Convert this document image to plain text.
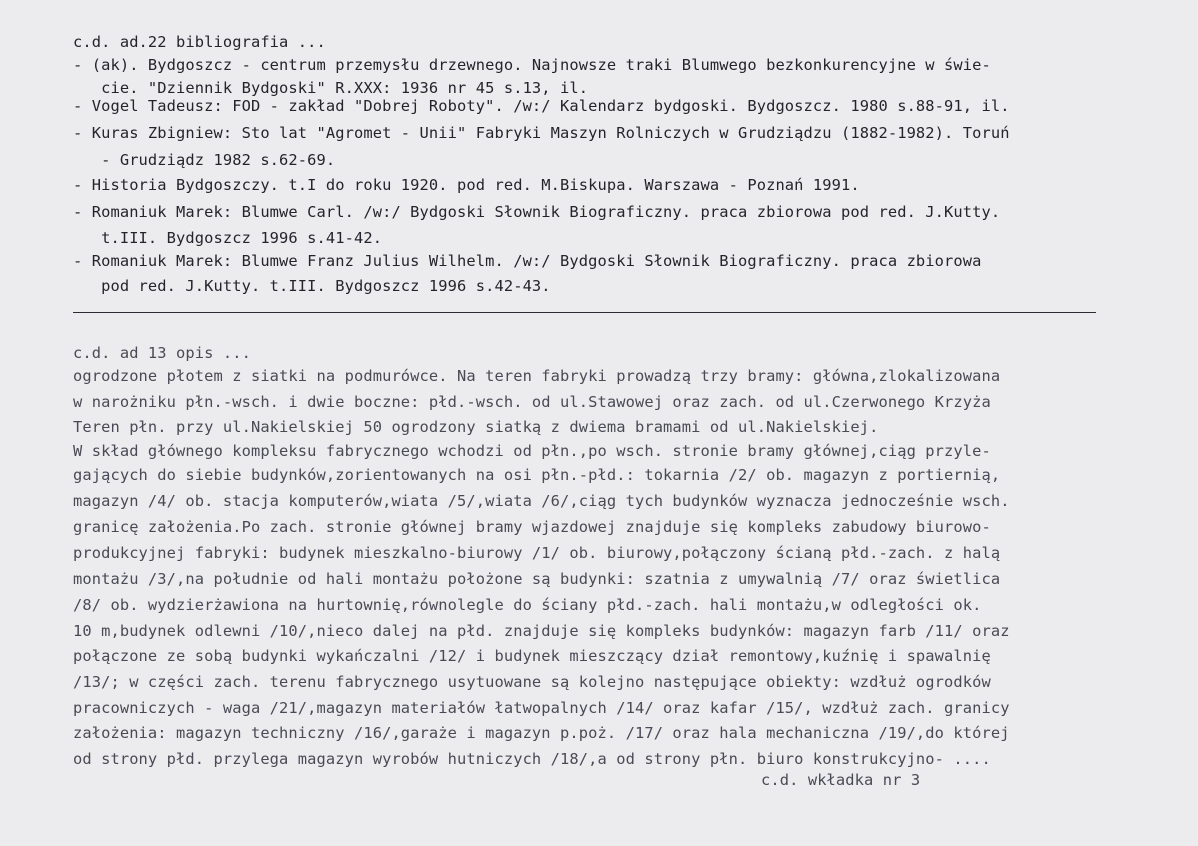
c.d. ad.22 bibliografia ...
- (ak). Bydgoszcz - centrum przemysłu drzewnego. Najnowsze traki Blumwego bezkonkurencyjne w świe-
cie. "Dziennik Bydgoski" R.XXX: 1936 nr 45 s.13, il.
- Vogel Tadeusz: FOD - zakład "Dobrej Roboty". /w:/ Kalendarz bydgoski. Bydgoszcz. 1980 s.88-91, il.
- Kuras Zbigniew: Sto lat "Agromet - Unii" Fabryki Maszyn Rolniczych w Grudziądzu (1882-1982). Toruń
- Grudziądz 1982 s.62-69.
- Historia Bydgoszczy. t.I do roku 1920. pod red. M.Biskupa. Warszawa - Poznań 1991.
- Romaniuk Marek: Blumwe Carl. /w:/ Bydgoski Słownik Biograficzny. praca zbiorowa pod red. J.Kutty.
t.III. Bydgoszcz 1996 s.41-42.
- Romaniuk Marek: Blumwe Franz Julius Wilhelm. /w:/ Bydgoski Słownik Biograficzny. praca zbiorowa
pod red. J.Kutty. t.III. Bydgoszcz 1996 s.42-43.
c.d. ad 13 opis ...
ogrodzone płotem z siatki na podmurówce. Na teren fabryki prowadzą trzy bramy: główna,zlokalizowana
w narożniku płn.-wsch. i dwie boczne: płd.-wsch. od ul.Stawowej oraz zach. od ul.Czerwonego Krzyża
Teren płn. przy ul.Nakielskiej 50 ogrodzony siatką z dwiema bramami od ul.Nakielskiej.
W skład głównego kompleksu fabrycznego wchodzi od płn.,po wsch. stronie bramy głównej,ciąg przyle-
gających do siebie budynków,zorientowanych na osi płn.-płd.: tokarnia /2/ ob. magazyn z portiernią,
magazyn /4/ ob. stacja komputerów,wiata /5/,wiata /6/,ciąg tych budynków wyznacza jednocześnie wsch.
granicę założenia.Po zach. stronie głównej bramy wjazdowej znajduje się kompleks zabudowy biurowo-
produkcyjnej fabryki: budynek mieszkalno-biurowy /1/ ob. biurowy,połączony ścianą płd.-zach. z halą
montażu /3/,na południe od hali montażu położone są budynki: szatnia z umywalnią /7/ oraz świetlica
/8/ ob. wydzierżawiona na hurtownię,równolegle do ściany płd.-zach. hali montażu,w odległości ok.
10 m,budynek odlewni /10/,nieco dalej na płd. znajduje się kompleks budynków: magazyn farb /11/ oraz
połączone ze sobą budynki wykańczalni /12/ i budynek mieszczący dział remontowy,kuźnię i spawalnię
/13/; w części zach. terenu fabrycznego usytuowane są kolejno następujące obiekty: wzdłuż ogrodków
pracowniczych - waga /21/,magazyn materiałów łatwopalnych /14/ oraz kafar /15/, wzdłuż zach. granicy
założenia: magazyn techniczny /16/,garaże i magazyn p.poż. /17/ oraz hala mechaniczna /19/,do której
od strony płd. przylega magazyn wyrobów hutniczych /18/,a od strony płn. biuro konstrukcyjno- ....
c.d. wkładka nr 3
